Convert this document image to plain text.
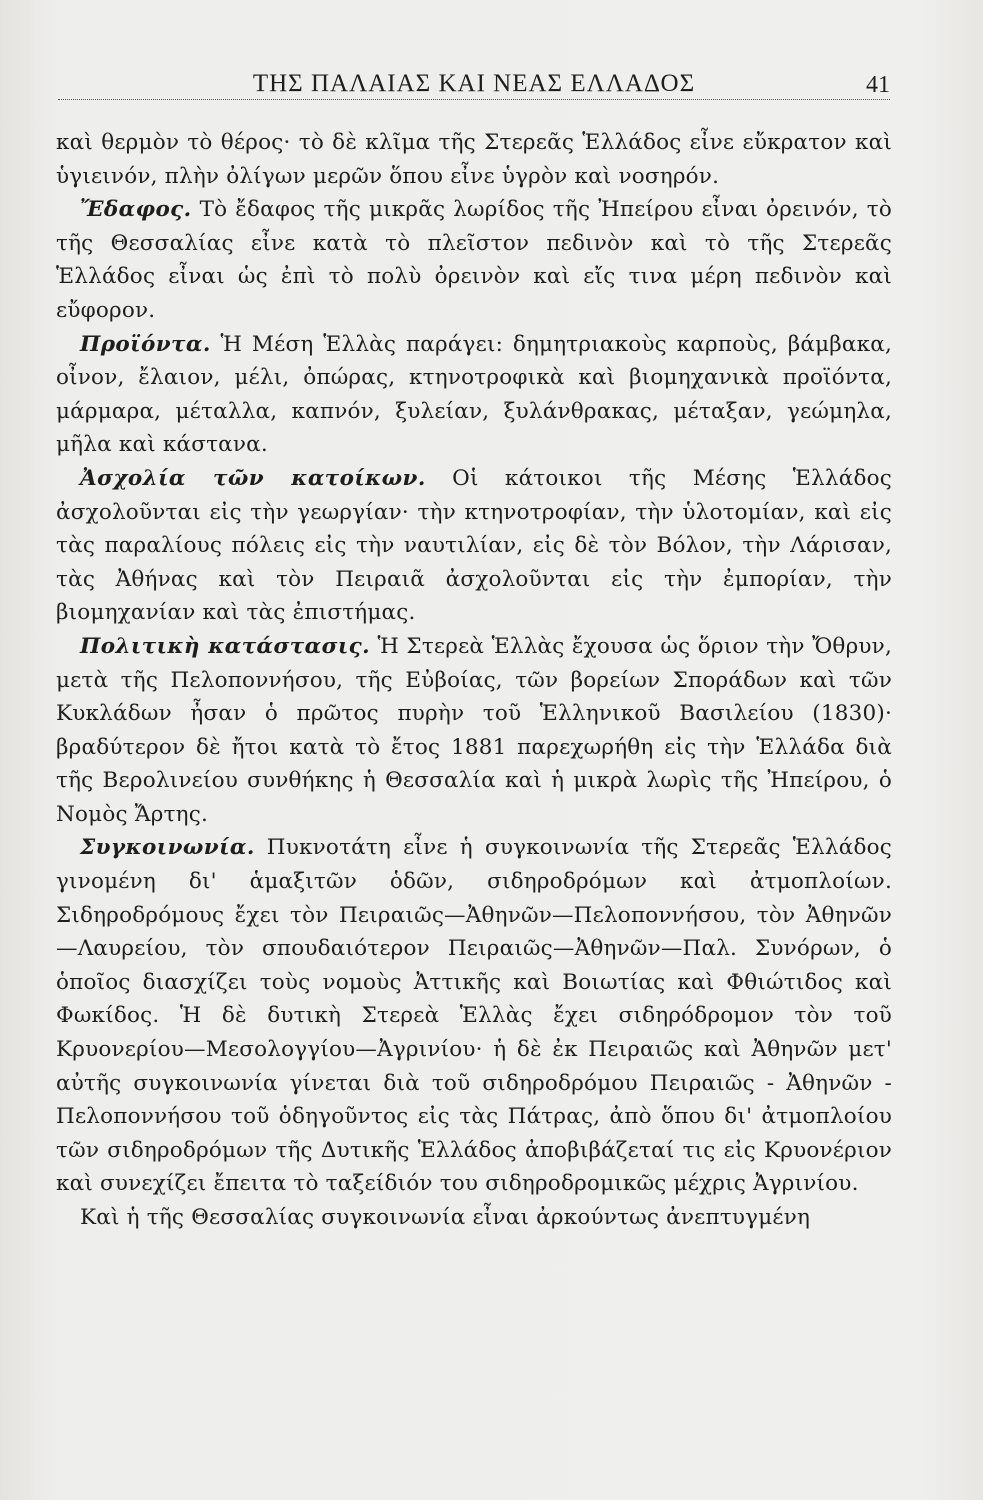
ΤΗΣ ΠΑΛΑΙΑΣ ΚΑΙ ΝΕΑΣ ΕΛΛΑΔΟΣ	41

καὶ θερμὸν τὸ θέρος· τὸ δὲ κλῖμα τῆς Στερεᾶς Ἑλλάδος εἶνε εὔκρατον καὶ ὑγιεινόν, πλὴν ὀλίγων μερῶν ὅπου εἶνε ὑγρὸν καὶ νοσηρόν.

Ἔδαφος. Τὸ ἔδαφος τῆς μικρᾶς λωρίδος τῆς Ἠπείρου εἶναι ὀρεινόν, τὸ τῆς Θεσσαλίας εἶνε κατὰ τὸ πλεῖστον πεδινὸν καὶ τὸ τῆς Στερεᾶς Ἑλλάδος εἶναι ὡς ἐπὶ τὸ πολὺ ὀρεινὸν καὶ εἴς τινα μέρη πεδινὸν καὶ εὔφορον.

Προϊόντα. Ἡ Μέση Ἑλλὰς παράγει: δημητριακοὺς καρποὺς, βάμβακα, οἶνον, ἔλαιον, μέλι, ὀπώρας, κτηνοτροφικὰ καὶ βιομηχανικὰ προϊόντα, μάρμαρα, μέταλλα, καπνόν, ξυλείαν, ξυλάνθρακας, μέταξαν, γεώμηλα, μῆλα καὶ κάστανα.

Ἀσχολία τῶν κατοίκων. Οἱ κάτοικοι τῆς Μέσης Ἑλλάδος ἀσχολοῦνται εἰς τὴν γεωργίαν· τὴν κτηνοτροφίαν, τὴν ὑλοτομίαν, καὶ εἰς τὰς παραλίους πόλεις εἰς τὴν ναυτιλίαν, εἰς δὲ τὸν Βόλον, τὴν Λάρισαν, τὰς Ἀθήνας καὶ τὸν Πειραιᾶ ἀσχολοῦνται εἰς τὴν ἐμπορίαν, τὴν βιομηχανίαν καὶ τὰς ἐπιστήμας.

Πολιτικὴ κατάστασις. Ἡ Στερεὰ Ἑλλὰς ἔχουσα ὡς ὅριον τὴν Ὄθρυν, μετὰ τῆς Πελοποννήσου, τῆς Εὐβοίας, τῶν βορείων Σποράδων καὶ τῶν Κυκλάδων ἦσαν ὁ πρῶτος πυρὴν τοῦ Ἑλληνικοῦ Βασιλείου (1830)· βραδύτερον δὲ ἤτοι κατὰ τὸ ἔτος 1881 παρεχωρήθη εἰς τὴν Ἑλλάδα διὰ τῆς Βερολινείου συνθήκης ἡ Θεσσαλία καὶ ἡ μικρὰ λωρὶς τῆς Ἠπείρου, ὁ Νομὸς Ἄρτης.

Συγκοινωνία. Πυκνοτάτη εἶνε ἡ συγκοινωνία τῆς Στερεᾶς Ἑλλάδος γινομένη δι' ἁμαξιτῶν ὁδῶν, σιδηροδρόμων καὶ ἀτμοπλοίων. Σιδηροδρόμους ἔχει τὸν Πειραιῶς—Ἀθηνῶν—Πελοποννήσου, τὸν Ἀθηνῶν—Λαυρείου, τὸν σπουδαιότερον Πειραιῶς—Ἀθηνῶν—Παλ. Συνόρων, ὁ ὁποῖος διασχίζει τοὺς νομοὺς Ἀττικῆς καὶ Βοιωτίας καὶ Φθιώτιδος καὶ Φωκίδος. Ἡ δὲ δυτικὴ Στερεὰ Ἑλλὰς ἔχει σιδηρόδρομον τὸν τοῦ Κρυονερίου—Μεσολογγίου—Ἀγρινίου· ἡ δὲ ἐκ Πειραιῶς καὶ Ἀθηνῶν μετ' αὐτῆς συγκοινωνία γίνεται διὰ τοῦ σιδηροδρόμου Πειραιῶς - Ἀθηνῶν - Πελοποννήσου τοῦ ὁδηγοῦντος εἰς τὰς Πάτρας, ἀπὸ ὅπου δι' ἀτμοπλοίου τῶν σιδηροδρόμων τῆς Δυτικῆς Ἑλλάδος ἀποβιβάζεταί τις εἰς Κρυονέριον καὶ συνεχίζει ἔπειτα τὸ ταξείδιόν του σιδηροδρομικῶς μέχρις Ἀγρινίου.

Καὶ ἡ τῆς Θεσσαλίας συγκοινωνία εἶναι ἀρκούντως ἀνεπτυγμένη
